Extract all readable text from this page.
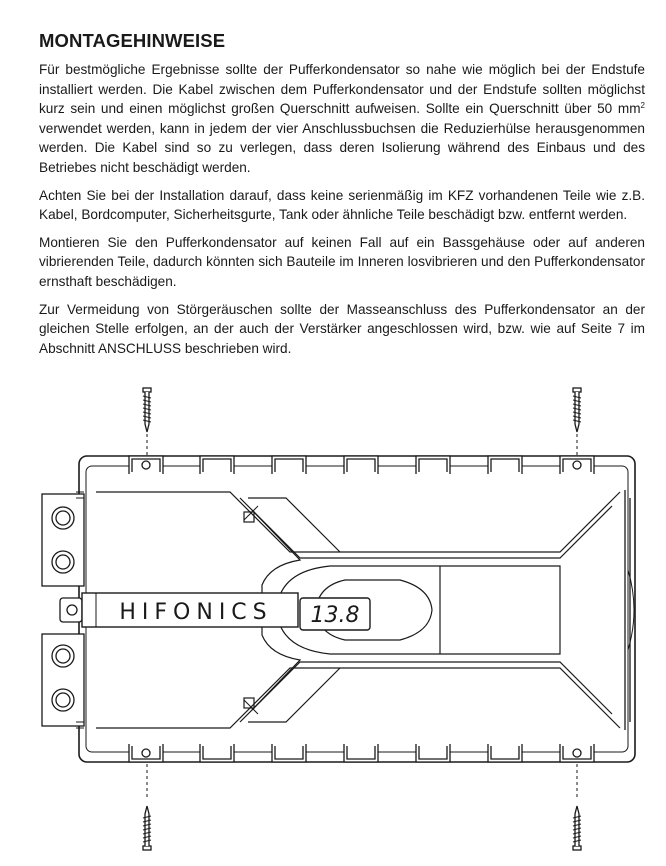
MONTAGEHINWEISE

Für bestmögliche Ergebnisse sollte der Pufferkondensator so nahe wie möglich bei der Endstufe installiert werden. Die Kabel zwischen dem Pufferkondensator und der Endstufe sollten möglichst kurz sein und einen möglichst großen Querschnitt aufweisen. Sollte ein Querschnitt über 50 $mm^2$ verwendet werden, kann in jedem der vier Anschlussbuchsen die Reduzierhülse herausgenommen werden. Die Kabel sind so zu verlegen, dass deren Isolierung während des Einbaus und des Betriebes nicht beschädigt werden.

Achten Sie bei der Installation darauf, dass keine serienmäßig im KFZ vorhandenen Teile wie z.B. Kabel, Bordcomputer, Sicherheitsgurte, Tank oder ähnliche Teile beschädigt bzw. entfernt werden.

Montieren Sie den Pufferkondensator auf keinen Fall auf ein Bassgehäuse oder auf anderen vibrierenden Teile, dadurch könnten sich Bauteile im Inneren losvibrieren und den Pufferkondensator ernsthaft beschädigen.

Zur Vermeidung von Störgeräuschen sollte der Masseanschluss des Pufferkondensator an der gleichen Stelle erfolgen, an der auch der Verstärker angeschlossen wird, bzw. wie auf Seite 7 im Abschnitt ANSCHLUSS beschrieben wird.

HIFONICS 13.8
